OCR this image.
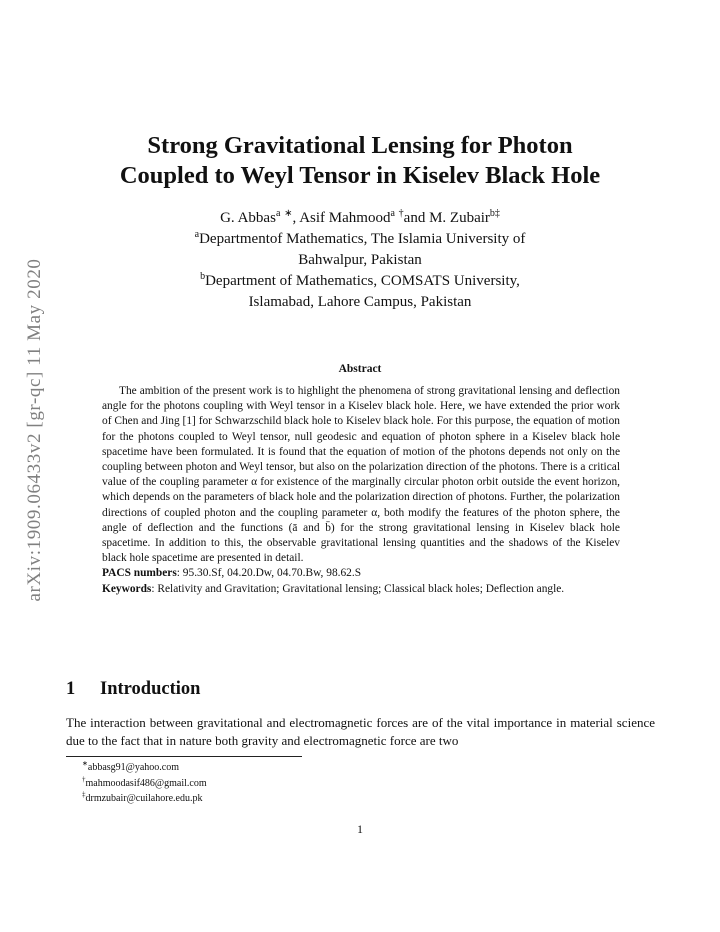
arXiv:1909.06433v2 [gr-qc] 11 May 2020
Strong Gravitational Lensing for Photon
Coupled to Weyl Tensor in Kiselev Black Hole
G. Abbas$^a$ ∗, Asif Mahmood$^a$ †and M. Zubair$^{b\ddagger}$
$^a$Departmentof Mathematics, The Islamia University of
Bahwalpur, Pakistan
$^b$Department of Mathematics, COMSATS University,
Islamabad, Lahore Campus, Pakistan
Abstract

The ambition of the present work is to highlight the phenomena of strong gravitational lensing and deflection angle for the photons coupling with Weyl tensor in a Kiselev black hole. Here, we have extended the prior work of Chen and Jing [1] for Schwarzschild black hole to Kiselev black hole. For this purpose, the equation of motion for the photons coupled to Weyl tensor, null geodesic and equation of photon sphere in a Kiselev black hole spacetime have been formulated. It is found that the equation of motion of the photons depends not only on the coupling between photon and Weyl tensor, but also on the polarization direction of the photons. There is a critical value of the coupling parameter α for existence of the marginally circular photon orbit outside the event horizon, which depends on the parameters of black hole and the polarization direction of photons. Further, the polarization directions of coupled photon and the coupling parameter α, both modify the features of the photon sphere, the angle of deflection and the functions (ā and b̄) for the strong gravitational lensing in Kiselev black hole spacetime. In addition to this, the observable gravitational lensing quantities and the shadows of the Kiselev black hole spacetime are presented in detail.

PACS numbers: 95.30.Sf, 04.20.Dw, 04.70.Bw, 98.62.S
Keywords: Relativity and Gravitation; Gravitational lensing; Classical black holes; Deflection angle.
1 Introduction

The interaction between gravitational and electromagnetic forces are of the vital importance in material science due to the fact that in nature both gravity and electromagnetic force are two

∗abbasg91@yahoo.com
†mahmoodasif486@gmail.com
‡drmzubair@cuilahore.edu.pk
1
